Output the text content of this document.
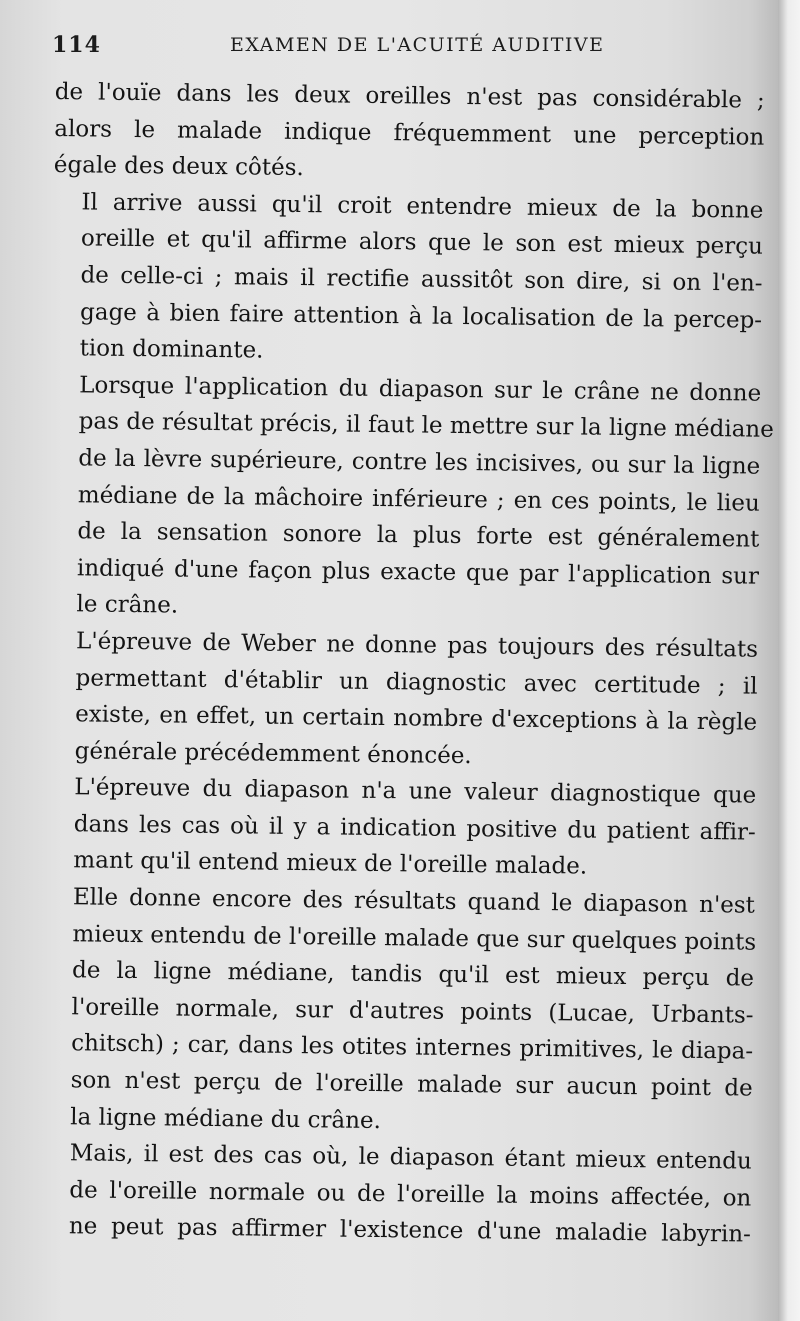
114	EXAMEN DE L'ACUITÉ AUDITIVE

de l'ouïe dans les deux oreilles n'est pas considérable ;
alors le malade indique fréquemment une perception
égale des deux côtés.

Il arrive aussi qu'il croit entendre mieux de la bonne
oreille et qu'il affirme alors que le son est mieux perçu
de celle-ci ; mais il rectifie aussitôt son dire, si on l'en-
gage à bien faire attention à la localisation de la percep-
tion dominante.

Lorsque l'application du diapason sur le crâne ne donne
pas de résultat précis, il faut le mettre sur la ligne médiane
de la lèvre supérieure, contre les incisives, ou sur la ligne
médiane de la mâchoire inférieure ; en ces points, le lieu
de la sensation sonore la plus forte est généralement
indiqué d'une façon plus exacte que par l'application sur
le crâne.

L'épreuve de Weber ne donne pas toujours des résultats
permettant d'établir un diagnostic avec certitude ; il
existe, en effet, un certain nombre d'exceptions à la règle
générale précédemment énoncée.

L'épreuve du diapason n'a une valeur diagnostique que
dans les cas où il y a indication positive du patient affir-
mant qu'il entend mieux de l'oreille malade.

Elle donne encore des résultats quand le diapason n'est
mieux entendu de l'oreille malade que sur quelques points
de la ligne médiane, tandis qu'il est mieux perçu de
l'oreille normale, sur d'autres points (Lucae, Urbants-
chitsch) ; car, dans les otites internes primitives, le diapa-
son n'est perçu de l'oreille malade sur aucun point de
la ligne médiane du crâne.

Mais, il est des cas où, le diapason étant mieux entendu
de l'oreille normale ou de l'oreille la moins affectée, on
ne peut pas affirmer l'existence d'une maladie labyrin-
